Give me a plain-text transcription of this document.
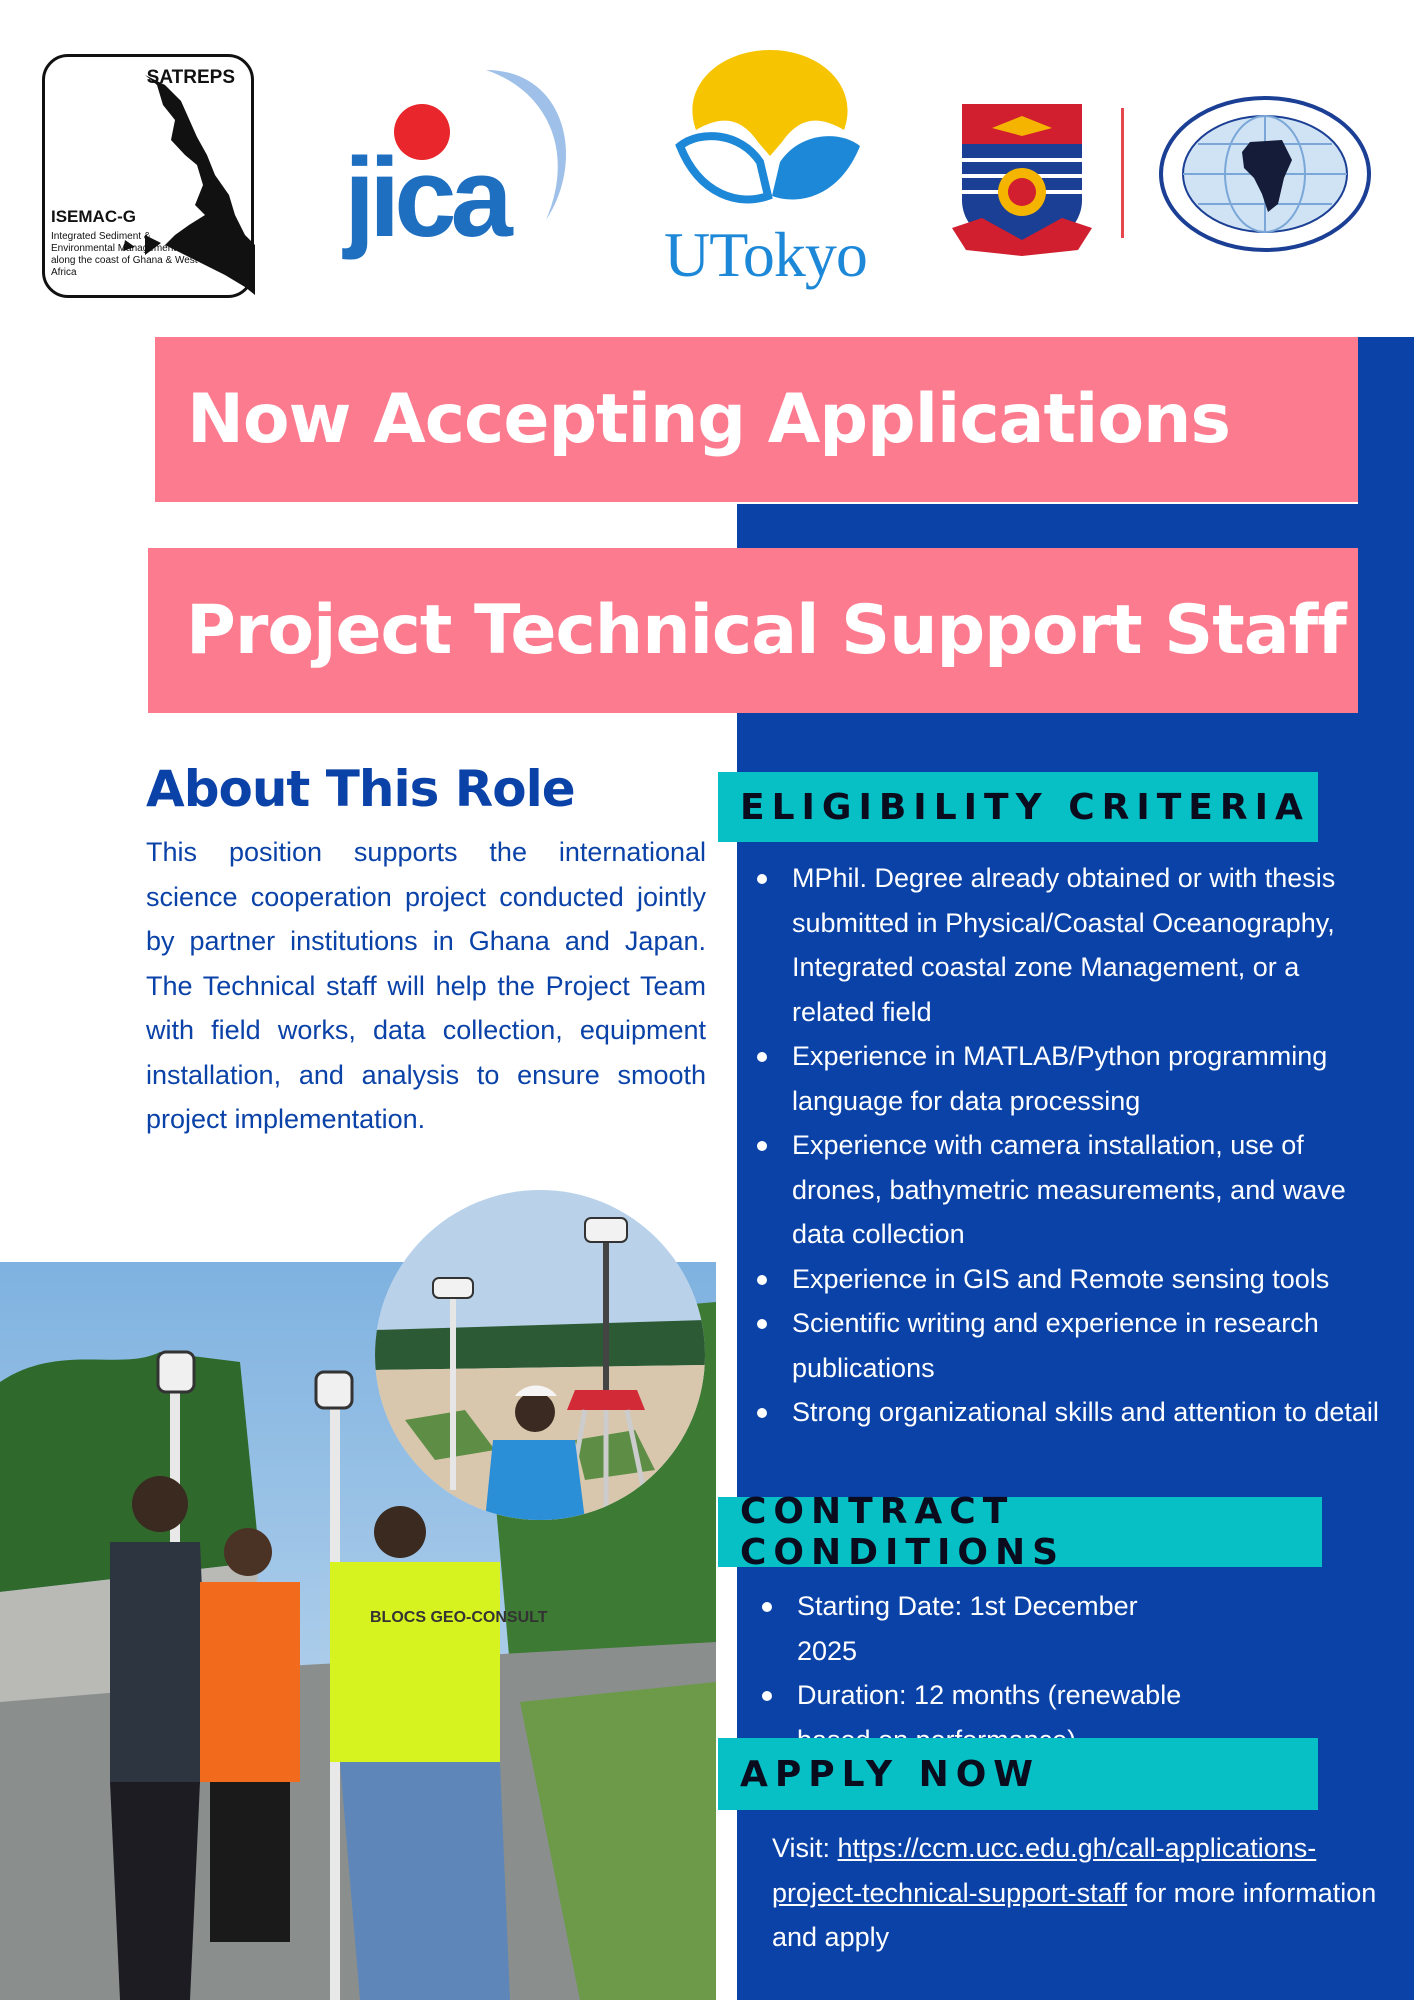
SATREPS
ISEMAC-G
Integrated Sediment & Environmental Management along the coast of Ghana & West Africa
jica UTokyo
Now Accepting Applications
Project Technical Support Staff
About This Role
This position supports the international science cooperation project conducted jointly by partner institutions in Ghana and Japan. The Technical staff will help the Project Team with field works, data collection, equipment installation, and analysis to ensure smooth project implementation.
BLOCS GEO-CONSULT
ELIGIBILITY CRITERIA
MPhil. Degree already obtained or with thesis submitted in Physical/Coastal Oceanography, Integrated coastal zone Management, or a related field
Experience in MATLAB/Python programming language for data processing
Experience with camera installation, use of drones, bathymetric measurements, and wave data collection
Experience in GIS and Remote sensing tools
Scientific writing and experience in research publications
Strong organizational skills and attention to detail
CONTRACT CONDITIONS
Starting Date: 1st December 2025
Duration: 12 months (renewable
APPLY NOW
Visit: https://ccm.ucc.edu.gh/call-applications-project-technical-support-staff for more information and apply
